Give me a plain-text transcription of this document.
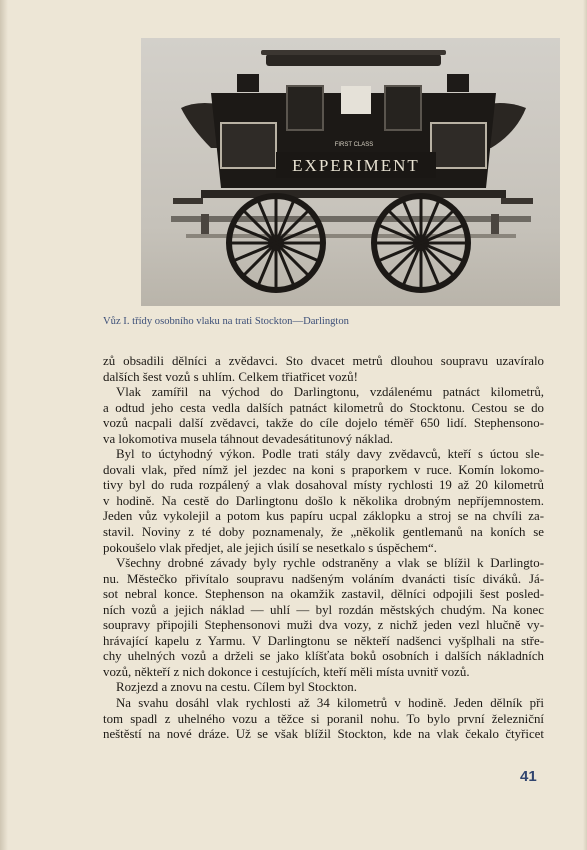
FIRST CLASS
EXPERIMENT
Vůz I. třídy osobního vlaku na trati Stockton—Darlington
zů obsadili dělníci a zvědavci. Sto dvacet metrů dlouhou soupravu uzavíralo
dalších šest vozů s uhlím. Celkem třiatřicet vozů!
Vlak zamířil na východ do Darlingtonu, vzdálenému patnáct kilometrů,
a odtud jeho cesta vedla dalších patnáct kilometrů do Stocktonu. Cestou se do
vozů nacpali další zvědavci, takže do cíle dojelo téměř 650 lidí. Stephensono-
va lokomotiva musela táhnout devadesátitunový náklad.
Byl to úctyhodný výkon. Podle trati stály davy zvědavců, kteří s úctou sle-
dovali vlak, před nímž jel jezdec na koni s praporkem v ruce. Komín lokomo-
tivy byl do ruda rozpálený a vlak dosahoval místy rychlosti 19 až 20 kilometrů
v hodině. Na cestě do Darlingtonu došlo k několika drobným nepříjemnostem.
Jeden vůz vykolejil a potom kus papíru ucpal záklopku a stroj se na chvíli za-
stavil. Noviny z té doby poznamenaly, že „několik gentlemanů na koních se
pokoušelo vlak předjet, ale jejich úsilí se nesetkalo s úspěchem“.
Všechny drobné závady byly rychle odstraněny a vlak se blížil k Darlingto-
nu. Městečko přivítalo soupravu nadšeným voláním dvanácti tisíc diváků. Já-
sot nebral konce. Stephenson na okamžik zastavil, dělníci odpojili šest posled-
ních vozů a jejich náklad — uhlí — byl rozdán městských chudým. Na konec
soupravy připojili Stephensonovi muži dva vozy, z nichž jeden vezl hlučně vy-
hrávající kapelu z Yarmu. V Darlingtonu se někteří nadšenci vyšplhali na stře-
chy uhelných vozů a drželi se jako klíšťata boků osobních i dalších nákladních
vozů, někteří z nich dokonce i cestujících, kteří měli místa uvnitř vozů.
Rozjezd a znovu na cestu. Cílem byl Stockton.
Na svahu dosáhl vlak rychlosti až 34 kilometrů v hodině. Jeden dělník při
tom spadl z uhelného vozu a těžce si poranil nohu. To bylo první železniční
neštěstí na nové dráze. Už se však blížil Stockton, kde na vlak čekalo čtyřicet
41
